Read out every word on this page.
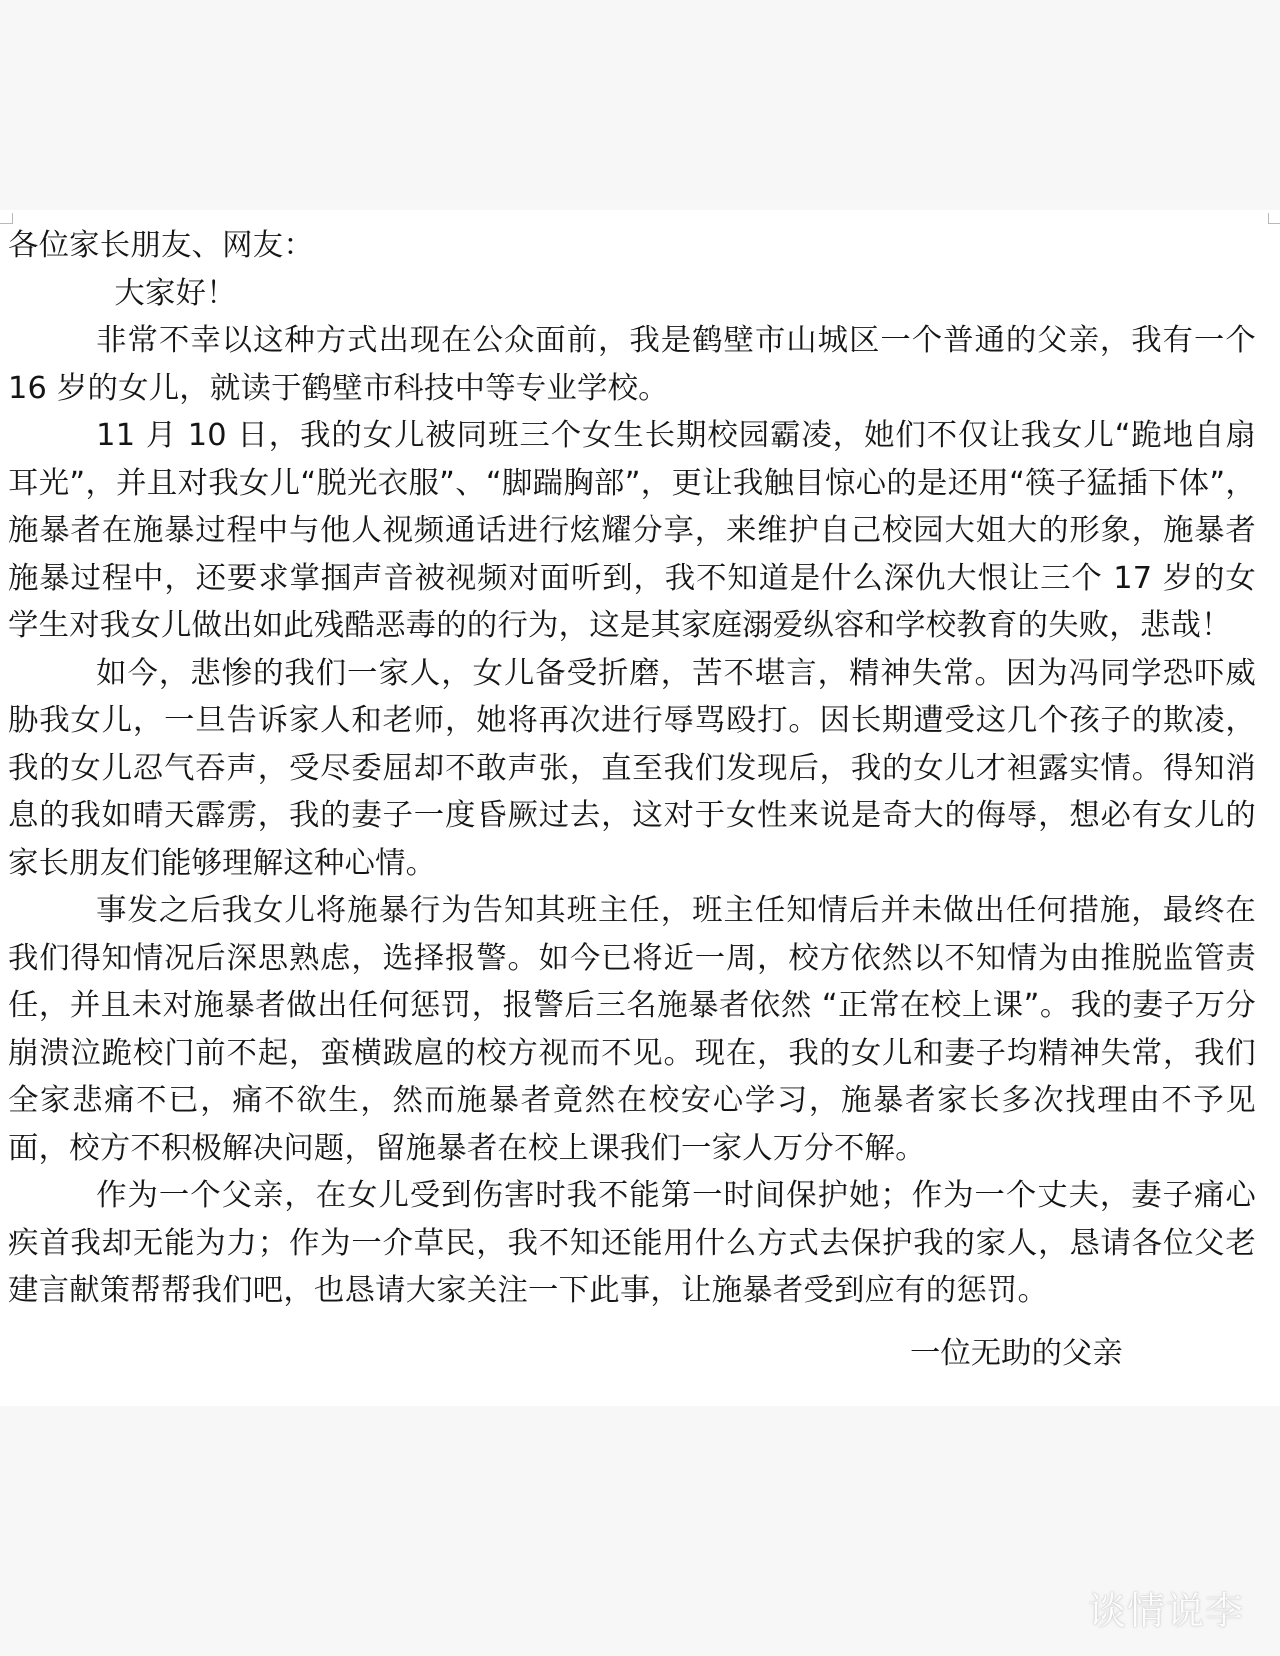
各位家长朋友、网友：

大家好！

非常不幸以这种方式出现在公众面前，我是鹤壁市山城区一个普通的父亲，我有一个 16 岁的女儿，就读于鹤壁市科技中等专业学校。

11 月 10 日，我的女儿被同班三个女生长期校园霸凌，她们不仅让我女儿“跪地自扇耳光”，并且对我女儿“脱光衣服”、“脚踹胸部”，更让我触目惊心的是还用“筷子猛插下体”，施暴者在施暴过程中与他人视频通话进行炫耀分享，来维护自己校园大姐大的形象，施暴者施暴过程中，还要求掌掴声音被视频对面听到，我不知道是什么深仇大恨让三个 17 岁的女学生对我女儿做出如此残酷恶毒的的行为，这是其家庭溺爱纵容和学校教育的失败，悲哉！

如今，悲惨的我们一家人，女儿备受折磨，苦不堪言，精神失常。因为冯同学恐吓威胁我女儿，一旦告诉家人和老师，她将再次进行辱骂殴打。因长期遭受这几个孩子的欺凌，我的女儿忍气吞声，受尽委屈却不敢声张，直至我们发现后，我的女儿才袒露实情。得知消息的我如晴天霹雳，我的妻子一度昏厥过去，这对于女性来说是奇大的侮辱，想必有女儿的家长朋友们能够理解这种心情。

事发之后我女儿将施暴行为告知其班主任，班主任知情后并未做出任何措施，最终在我们得知情况后深思熟虑，选择报警。如今已将近一周，校方依然以不知情为由推脱监管责任，并且未对施暴者做出任何惩罚，报警后三名施暴者依然 “正常在校上课”。我的妻子万分崩溃泣跪校门前不起，蛮横跋扈的校方视而不见。现在，我的女儿和妻子均精神失常，我们全家悲痛不已，痛不欲生，然而施暴者竟然在校安心学习，施暴者家长多次找理由不予见面，校方不积极解决问题，留施暴者在校上课我们一家人万分不解。

作为一个父亲，在女儿受到伤害时我不能第一时间保护她；作为一个丈夫，妻子痛心疾首我却无能为力；作为一介草民，我不知还能用什么方式去保护我的家人，恳请各位父老建言献策帮帮我们吧，也恳请大家关注一下此事，让施暴者受到应有的惩罚。

一位无助的父亲
谈情说李
